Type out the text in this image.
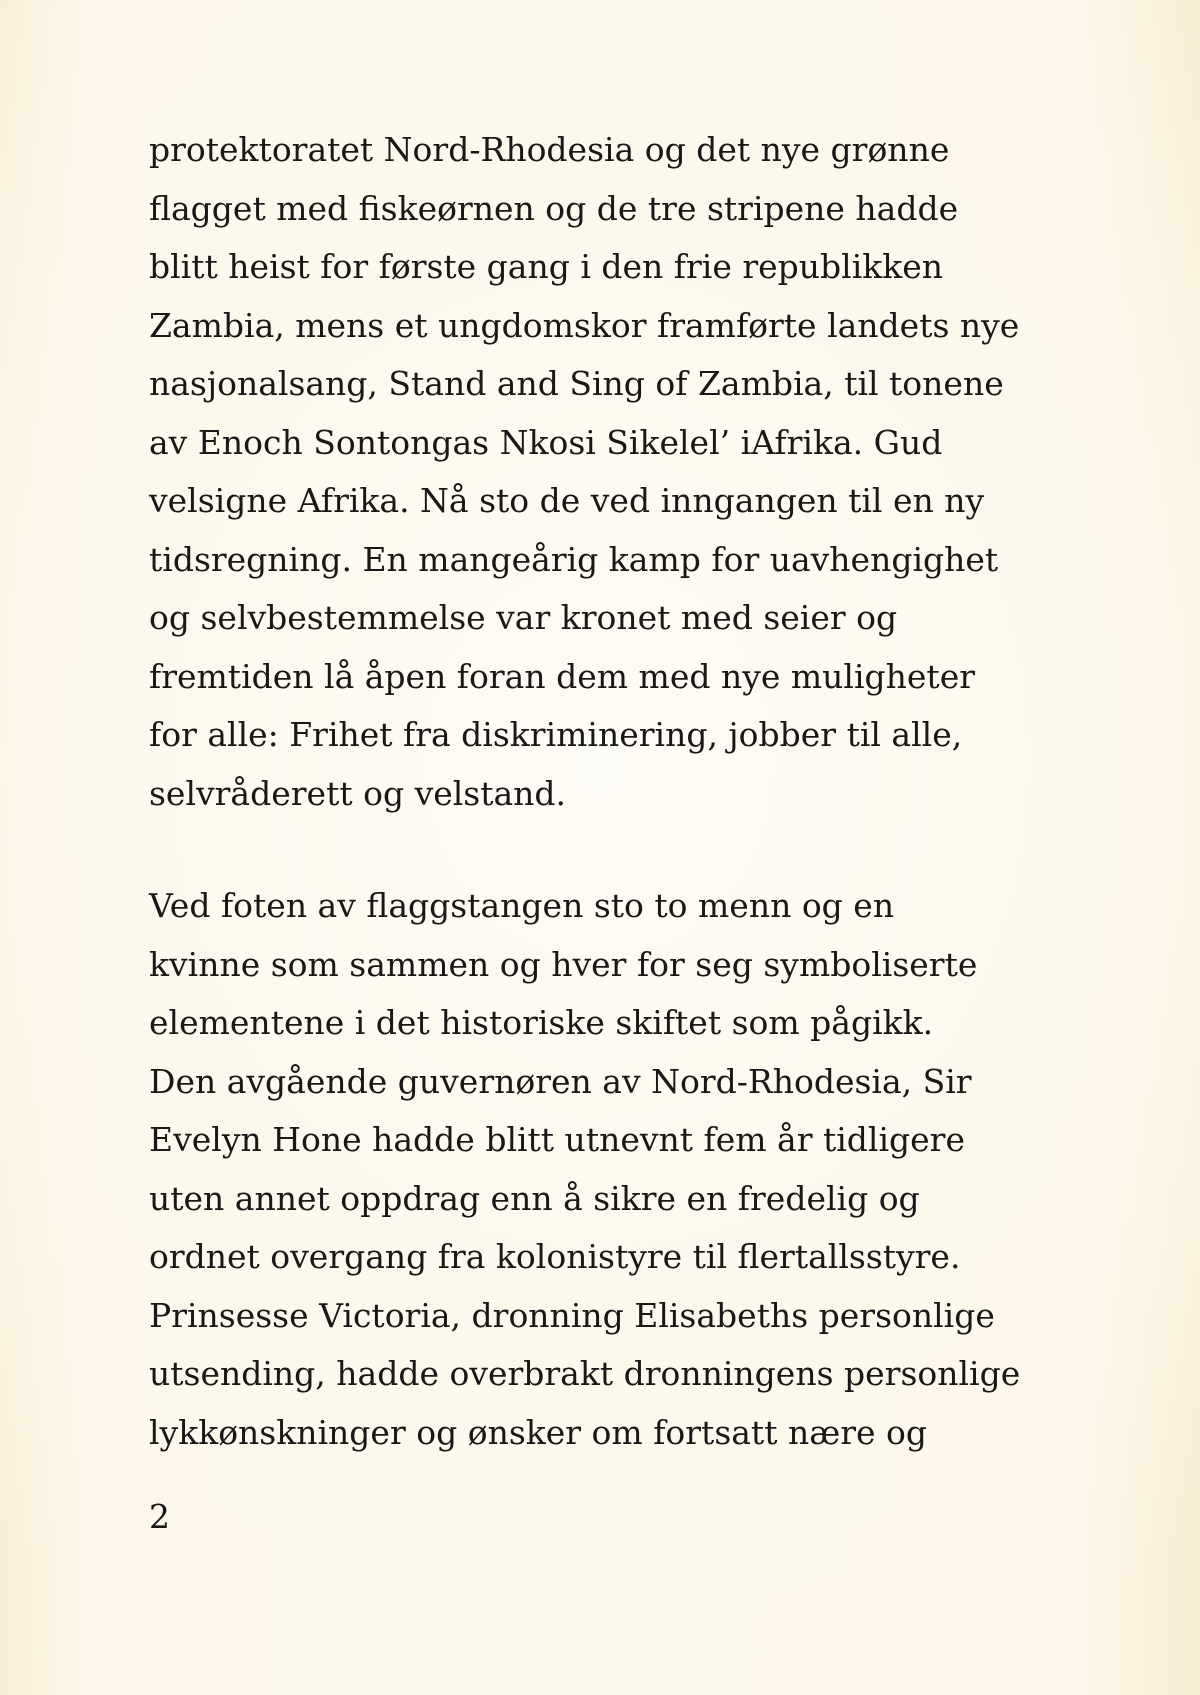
protektoratet Nord-Rhodesia og det nye grønne
flagget med fiskeørnen og de tre stripene hadde
blitt heist for første gang i den frie republikken
Zambia, mens et ungdomskor framførte landets nye
nasjonalsang, Stand and Sing of Zambia, til tonene
av Enoch Sontongas Nkosi Sikelel’ iAfrika. Gud
velsigne Afrika. Nå sto de ved inngangen til en ny
tidsregning. En mangeårig kamp for uavhengighet
og selvbestemmelse var kronet med seier og
fremtiden lå åpen foran dem med nye muligheter
for alle: Frihet fra diskriminering, jobber til alle,
selvråderett og velstand.
Ved foten av flaggstangen sto to menn og en
kvinne som sammen og hver for seg symboliserte
elementene i det historiske skiftet som pågikk.
Den avgående guvernøren av Nord-Rhodesia, Sir
Evelyn Hone hadde blitt utnevnt fem år tidligere
uten annet oppdrag enn å sikre en fredelig og
ordnet overgang fra kolonistyre til flertallsstyre.
Prinsesse Victoria, dronning Elisabeths personlige
utsending, hadde overbrakt dronningens personlige
lykkønskninger og ønsker om fortsatt nære og
2
